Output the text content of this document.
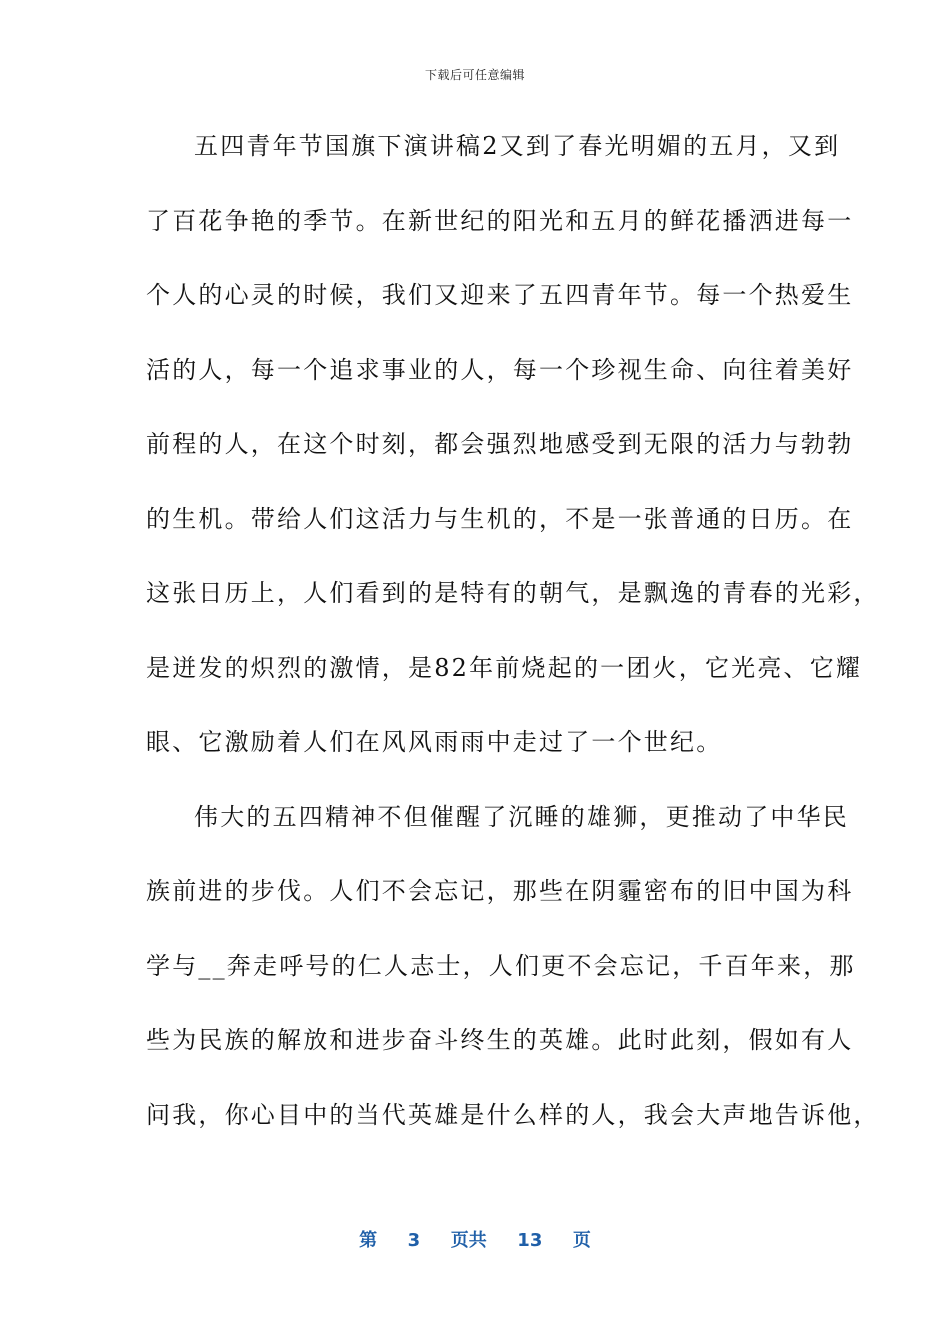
下载后可任意编辑
五四青年节国旗下演讲稿2又到了春光明媚的五月，又到
了百花争艳的季节。在新世纪的阳光和五月的鲜花播洒进每一
个人的心灵的时候，我们又迎来了五四青年节。每一个热爱生
活的人，每一个追求事业的人，每一个珍视生命、向往着美好
前程的人，在这个时刻，都会强烈地感受到无限的活力与勃勃
的生机。带给人们这活力与生机的，不是一张普通的日历。在
这张日历上，人们看到的是特有的朝气，是飘逸的青春的光彩，
是迸发的炽烈的激情，是82年前烧起的一团火，它光亮、它耀
眼、它激励着人们在风风雨雨中走过了一个世纪。
伟大的五四精神不但催醒了沉睡的雄狮，更推动了中华民
族前进的步伐。人们不会忘记，那些在阴霾密布的旧中国为科
学与__奔走呼号的仁人志士，人们更不会忘记，千百年来，那
些为民族的解放和进步奋斗终生的英雄。此时此刻，假如有人
问我，你心目中的当代英雄是什么样的人，我会大声地告诉他，
第 3 页共 13 页
